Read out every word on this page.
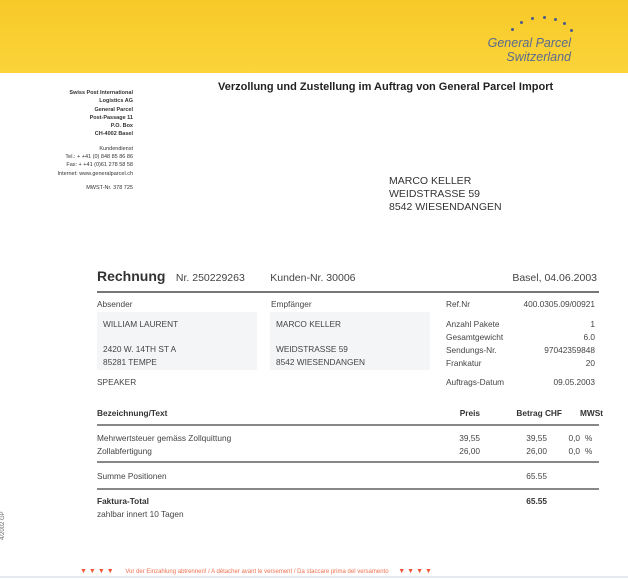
General Parcel
Switzerland
Swiss Post International
Logistics AG
General Parcel
Post-Passage 11
P.O. Box
CH-4002 Basel
Kundendienst
Tel.: + +41 (0) 848 85 86 86
Fax: + +41 (0)61 278 58 58
Internet: www.generalparcel.ch
MWST-Nr. 378 725
Verzollung und Zustellung im Auftrag von General Parcel Import
MARCO KELLER
WEIDSTRASSE 59
8542 WIESENDANGEN
Rechnung Nr. 250229263 Kunden-Nr. 30006	Basel, 04.06.2003
Absender
WILLIAM LAURENT
2420 W. 14TH ST A
85281 TEMPE
SPEAKER
Empfänger
MARCO KELLER
WEIDSTRASSE 59
8542 WIESENDANGEN
Ref.Nr	400.0305.09/00921
Anzahl Pakete	1
Gesamtgewicht	6.0
Sendungs-Nr.	97042359848
Frankatur	20
Auftrags-Datum	09.05.2003
Bezeichnung/Text	Preis	Betrag CHF	MWSt
Mehrwertsteuer gemäss Zollquittung	39,55	39,55	0,0 %
Zollabfertigung	26,00	26,00	0,0 %
Summe Positionen	65.55
Faktura-Total	65.55
zahlbar innert 10 Tagen
4/2002 GP
▼▼▼▼ Vor der Einzahlung abtrennen! / A détacher avant le versement / Da staccare prima del versamento ▼▼▼▼
